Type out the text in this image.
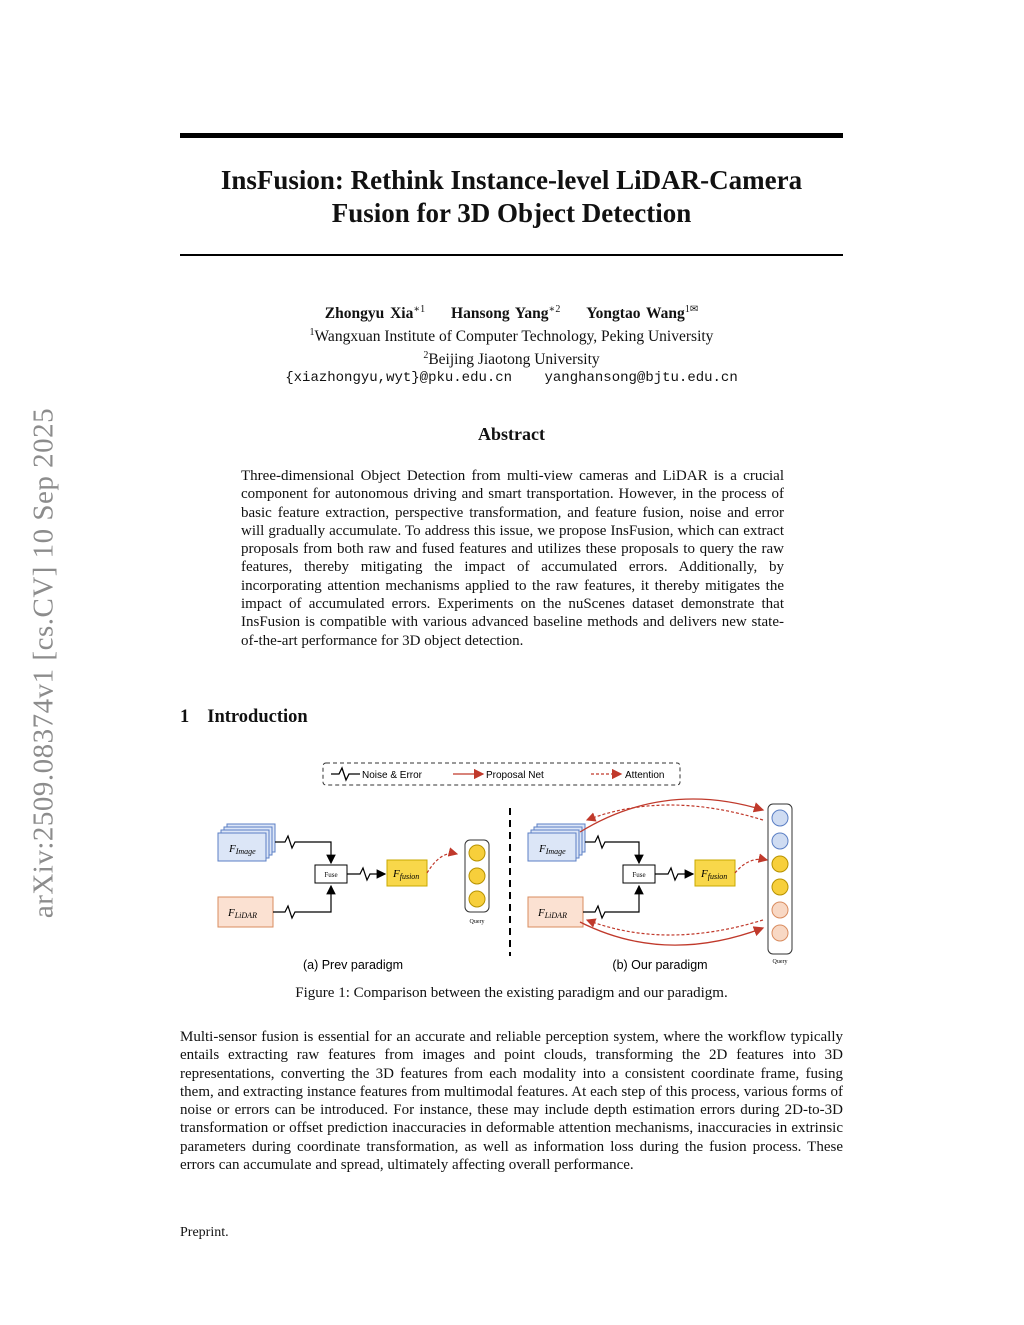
arXiv:2509.08374v1 [cs.CV] 10 Sep 2025
InsFusion: Rethink Instance-level LiDAR-Camera Fusion for 3D Object Detection
Zhongyu Xia$^{∗1}$ Hansong Yang$^{∗2}$ Yongtao Wang$^{1✉}$
$^1$Wangxuan Institute of Computer Technology, Peking University
$^2$Beijing Jiaotong University
{xiazhongyu,wyt}@pku.edu.cn yanghansong@bjtu.edu.cn
Abstract
Three-dimensional Object Detection from multi-view cameras and LiDAR is a crucial component for autonomous driving and smart transportation. However, in the process of basic feature extraction, perspective transformation, and feature fusion, noise and error will gradually accumulate. To address this issue, we propose InsFusion, which can extract proposals from both raw and fused features and utilizes these proposals to query the raw features, thereby mitigating the impact of accumulated errors. Additionally, by incorporating attention mechanisms applied to the raw features, it thereby mitigates the impact of accumulated errors. Experiments on the nuScenes dataset demonstrate that InsFusion is compatible with various advanced baseline methods and delivers new state-of-the-art performance for 3D object detection.
1 Introduction
Noise & Error	Proposal Net	Attention
FImage
FLiDAR
Fuse	Ffusion
Query
FImage
FLiDAR
Fuse	Ffusion
Query
(a) Prev paradigm	(b) Our paradigm
Figure 1: Comparison between the existing paradigm and our paradigm.
Multi-sensor fusion is essential for an accurate and reliable perception system, where the workflow typically entails extracting raw features from images and point clouds, transforming the 2D features into 3D representations, converting the 3D features from each modality into a consistent coordinate frame, fusing them, and extracting instance features from multimodal features. At each step of this process, various forms of noise or errors can be introduced. For instance, these may include depth estimation errors during 2D-to-3D transformation or offset prediction inaccuracies in deformable attention mechanisms, inaccuracies in extrinsic parameters during coordinate transformation, as well as information loss during the fusion process. These errors can accumulate and spread, ultimately affecting overall performance.
Preprint.
